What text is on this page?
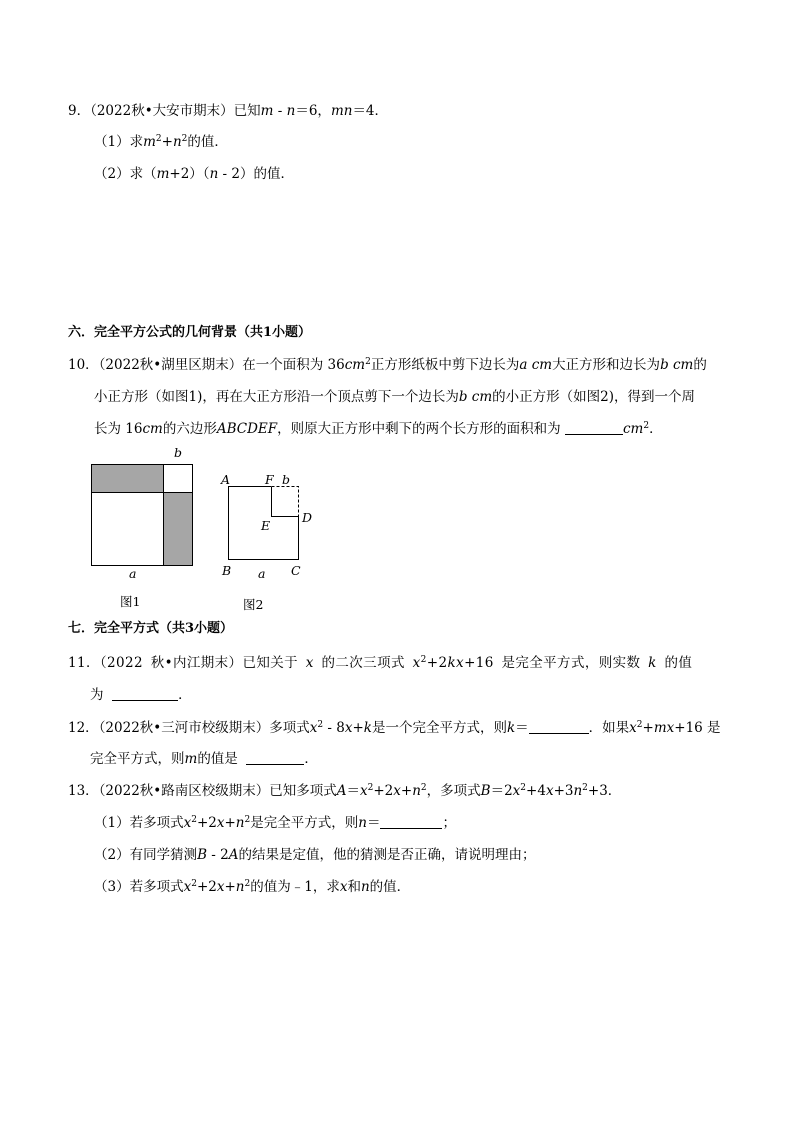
9．（2022秋•大安市期末）已知m - n＝6，mn＝4．
（1）求$m^2+n^2$的值．
（2）求（m+2）（n - 2）的值．
六．完全平方公式的几何背景（共1小题）
10．（2022秋•湖里区期末）在一个面积为 $36cm^2$正方形纸板中剪下边长为a cm大正方形和边长为b cm的
小正方形（如图1)，再在大正方形沿一个顶点剪下一个边长为b cm的小正方形（如图2)，得到一个周
长为 16cm的六边形ABCDEF，则原大正方形中剩下的两个长方形的面积和为	$cm^2$．
b
a
图1
A	F b
D
E
B a C
图2
七．完全平方式（共3小题）
11．（2022 秋•内江期末）已知关于 x 的二次三项式 $x^2+2kx+16$ 是完全平方式，则实数 k 的值
为	．
12．（2022秋•三河市校级期末）多项式$x^2 - 8x+k$是一个完全平方式，则k＝	．如果$x^2+mx+16$ 是
完全平方式，则m的值是	．
13．（2022秋•路南区校级期末）已知多项式$A=x^2+2x+n^2$，多项式$B=2x^2+4x+3n^2+3$．
（1）若多项式$x^2+2x+n^2$是完全平方式，则n＝	；
（2）有同学猜测B - 2A的结果是定值，他的猜测是否正确，请说明理由；
（3）若多项式$x^2+2x+n^2$的值为﹣1，求x和n的值．
